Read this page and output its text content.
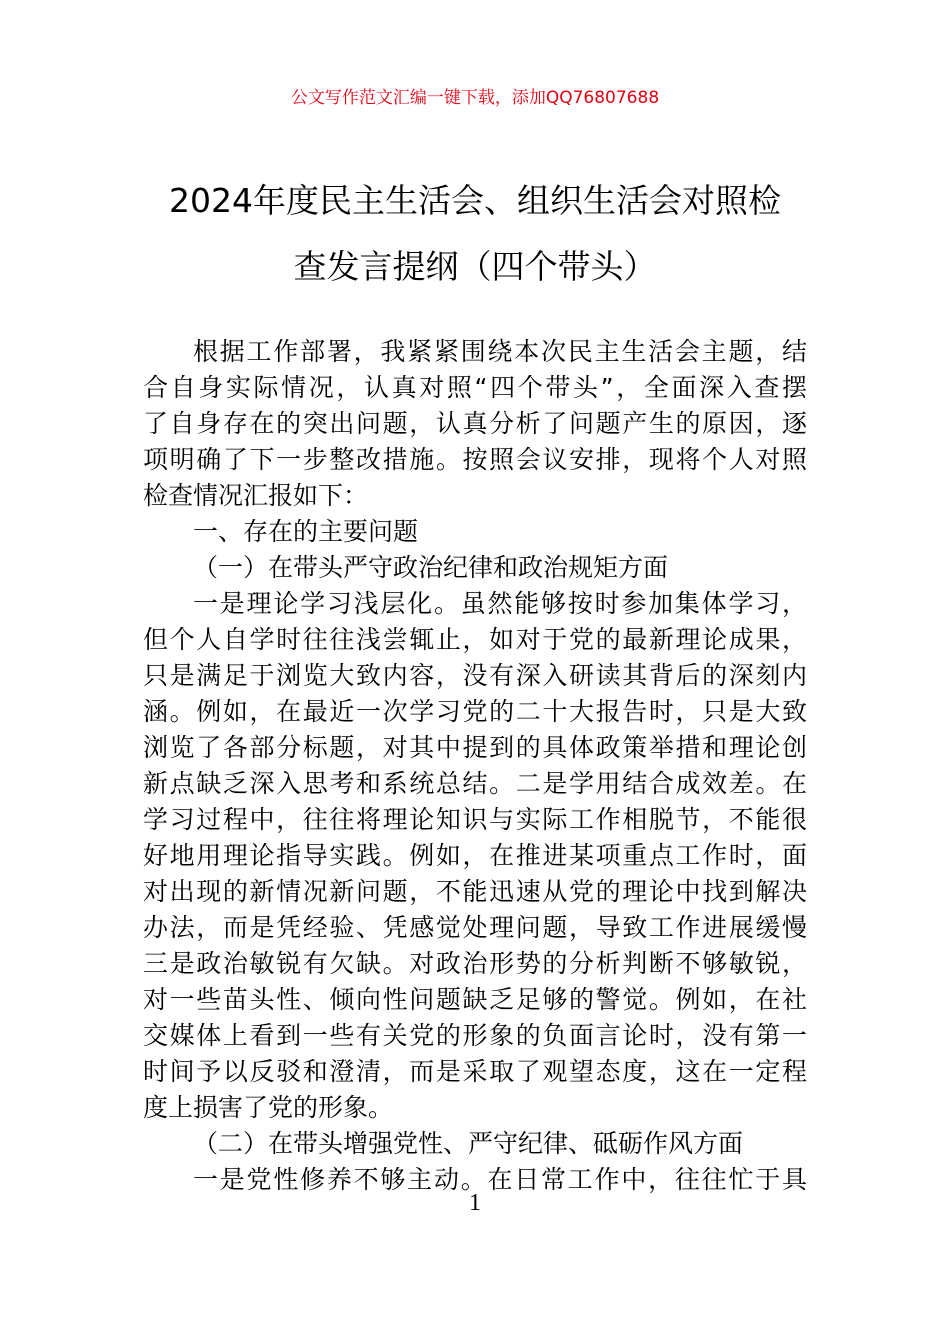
公文写作范文汇编一键下载，添加QQ76807688
2024年度民主生活会、组织生活会对照检
查发言提纲（四个带头）
根据工作部署，我紧紧围绕本次民主生活会主题，结
合自身实际情况，认真对照“四个带头”，全面深入查摆
了自身存在的突出问题，认真分析了问题产生的原因，逐
项明确了下一步整改措施。按照会议安排，现将个人对照
检查情况汇报如下：
一、存在的主要问题
（一）在带头严守政治纪律和政治规矩方面
一是理论学习浅层化。虽然能够按时参加集体学习，
但个人自学时往往浅尝辄止，如对于党的最新理论成果，
只是满足于浏览大致内容，没有深入研读其背后的深刻内
涵。例如，在最近一次学习党的二十大报告时，只是大致
浏览了各部分标题，对其中提到的具体政策举措和理论创
新点缺乏深入思考和系统总结。二是学用结合成效差。在
学习过程中，往往将理论知识与实际工作相脱节，不能很
好地用理论指导实践。例如，在推进某项重点工作时，面
对出现的新情况新问题，不能迅速从党的理论中找到解决
办法，而是凭经验、凭感觉处理问题，导致工作进展缓慢
三是政治敏锐有欠缺。对政治形势的分析判断不够敏锐，
对一些苗头性、倾向性问题缺乏足够的警觉。例如，在社
交媒体上看到一些有关党的形象的负面言论时，没有第一
时间予以反驳和澄清，而是采取了观望态度，这在一定程
度上损害了党的形象。
（二）在带头增强党性、严守纪律、砥砺作风方面
一是党性修养不够主动。在日常工作中，往往忙于具
1
